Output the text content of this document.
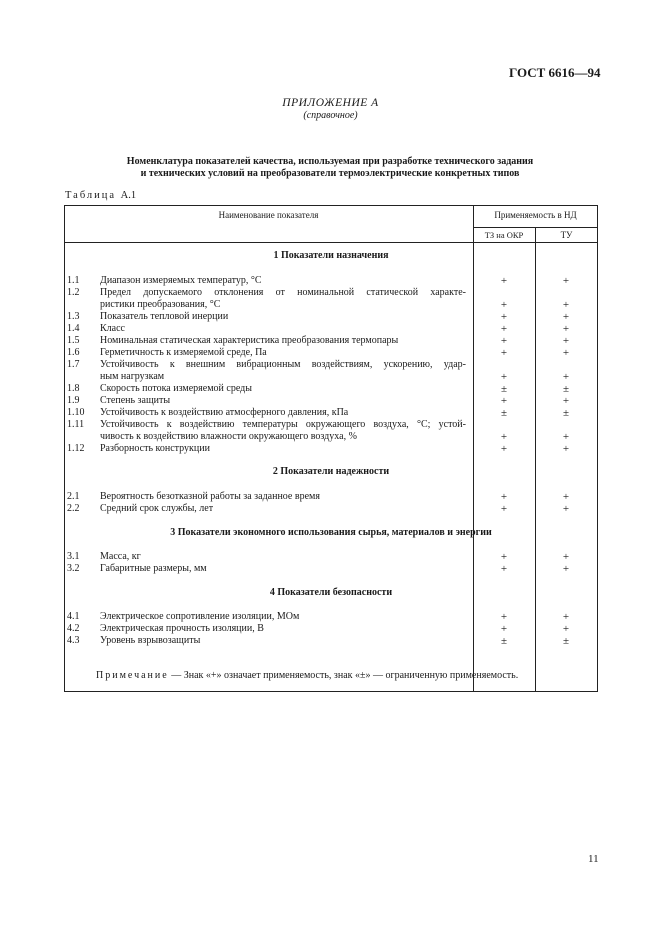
ГОСТ 6616—94
ПРИЛОЖЕНИЕ А
(справочное)
Номенклатура показателей качества, используемая при разработке технического задания
и технических условий на преобразователи термоэлектрические конкретных типов
Таблица А.1
Наименование показателя	Применяемость в НД
ТЗ на ОКР	ТУ
1 Показатели назначения
2 Показатели надежности
3 Показатели экономного использования сырья, материалов и энергии
4 Показатели безопасности
1.1 Диапазон измеряемых температур, °С	+	+
1.2 Предел допускаемого отклонения от номинальной статической характе-
ристики преобразования, °С	+	+
1.3 Показатель тепловой инерции	+	+
1.4 Класс	+	+
1.5 Номинальная статическая характеристика преобразования термопары	+	+
1.6 Герметичность к измеряемой среде, Па	+	+
1.7 Устойчивость к внешним вибрационным воздействиям, ускорению, удар-
ным нагрузкам	+	+
1.8 Скорость потока измеряемой среды	±	±
1.9 Степень защиты	+	+
1.10 Устойчивость к воздействию атмосферного давления, кПа	±	±
1.11 Устойчивость к воздействию температуры окружающего воздуха, °С; устой-
чивость к воздействию влажности окружающего воздуха, %	+	+
1.12 Разборность конструкции	+	+
2.1 Вероятность безотказной работы за заданное время	+	+
2.2 Средний срок службы, лет	+	+
3.1 Масса, кг	+	+
3.2 Габаритные размеры, мм	+	+
4.1 Электрическое сопротивление изоляции, МОм	+	+
4.2 Электрическая прочность изоляции, В	+	+
4.3 Уровень взрывозащиты	±	±
Примечание — Знак «+» означает применяемость, знак «±» — ограниченную применяемость.
11
